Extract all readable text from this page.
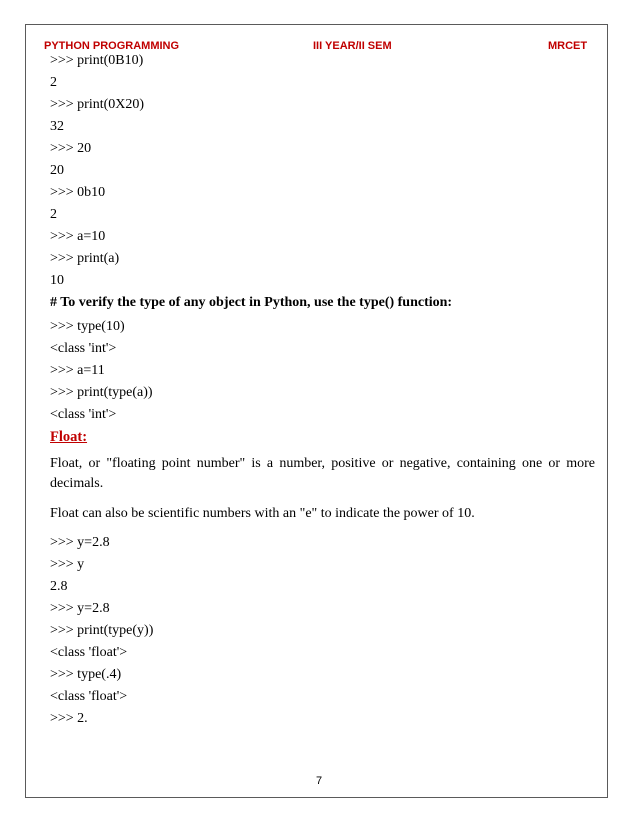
PYTHON PROGRAMMING	III YEAR/II SEM	MRCET
>>> print(0B10)
2
>>> print(0X20)
32
>>> 20
20
>>> 0b10
2
>>> a=10
>>> print(a)
10
# To verify the type of any object in Python, use the type() function:
>>> type(10)
<class 'int'>
>>> a=11
>>> print(type(a))
<class 'int'>
Float:
Float, or "floating point number" is a number, positive or negative, containing one or more decimals.
Float can also be scientific numbers with an "e" to indicate the power of 10.
>>> y=2.8
>>> y
2.8
>>> y=2.8
>>> print(type(y))
<class 'float'>
>>> type(.4)
<class 'float'>
>>> 2.
7
